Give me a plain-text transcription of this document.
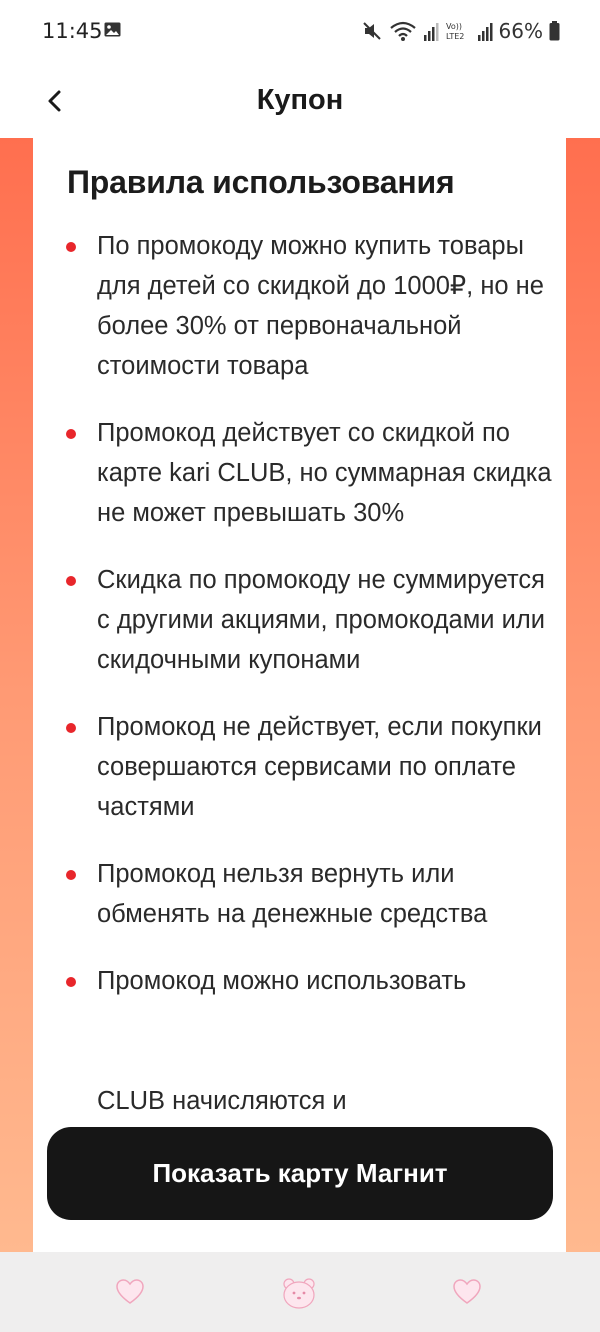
11:45	Vo))
LTE2 66%
Купон
Правила использования
По промокоду можно купить товары для детей со скидкой до 1000₽, но не более 30% от первоначальной стоимости товара
Промокод действует со скидкой по карте kari CLUB, но суммарная скидка не может превышать 30%
Скидка по промокоду не суммируется с другими акциями, промокодами или скидочными купонами
Промокод не действует, если покупки совершаются сервисами по оплате частями
Промокод нельзя вернуть или обменять на денежные средства
Промокод можно использовать
CLUB начисляются и
Показать карту Магнит
